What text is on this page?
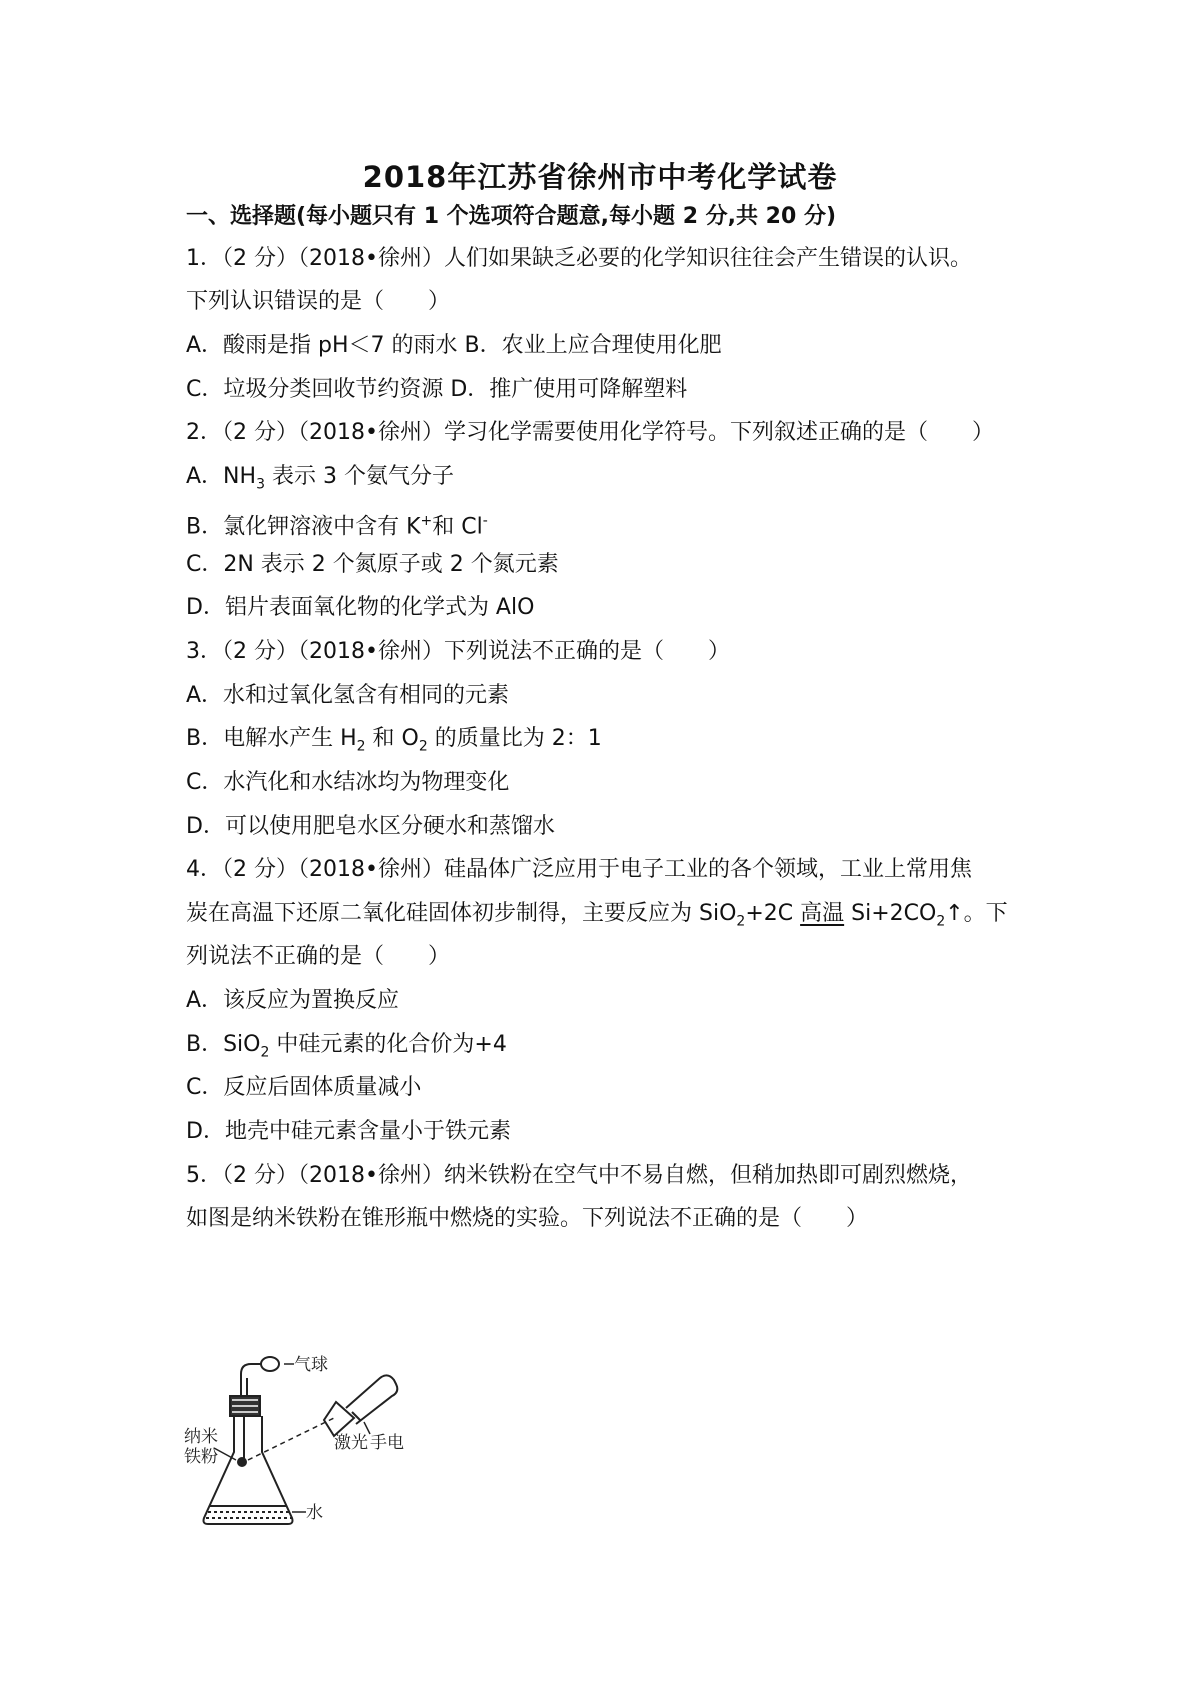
2018年江苏省徐州市中考化学试卷
一、选择题(每小题只有 1 个选项符合题意,每小题 2 分,共 20 分)
1．（2 分）（2018•徐州）人们如果缺乏必要的化学知识往往会产生错误的认识。
下列认识错误的是（　　）
A．酸雨是指 pH＜7 的雨水 B．农业上应合理使用化肥
C．垃圾分类回收节约资源 D．推广使用可降解塑料
2．（2 分）（2018•徐州）学习化学需要使用化学符号。下列叙述正确的是（　　）
A．$NH_3$ 表示 3 个氨气分子
B．氯化钾溶液中含有 K+和 Cl-
C．2N 表示 2 个氮原子或 2 个氮元素
D．铝片表面氧化物的化学式为 AlO
3．（2 分）（2018•徐州）下列说法不正确的是（　　）
A．水和过氧化氢含有相同的元素
B．电解水产生 $H_2$ 和 $O_2$ 的质量比为 2：1
C．水汽化和水结冰均为物理变化
D．可以使用肥皂水区分硬水和蒸馏水
4．（2 分）（2018•徐州）硅晶体广泛应用于电子工业的各个领域，工业上常用焦
炭在高温下还原二氧化硅固体初步制得，主要反应为 SiO$_2$+2C 高温 $Si+2CO_2↑$。下
列说法不正确的是（　　）
A．该反应为置换反应
B．SiO$_2$ 中硅元素的化合价为+4
C．反应后固体质量减小
D．地壳中硅元素含量小于铁元素
5．（2 分）（2018•徐州）纳米铁粉在空气中不易自燃，但稍加热即可剧烈燃烧，
如图是纳米铁粉在锥形瓶中燃烧的实验。下列说法不正确的是（　　）
气球
激光 手电
纳米
铁粉
水
